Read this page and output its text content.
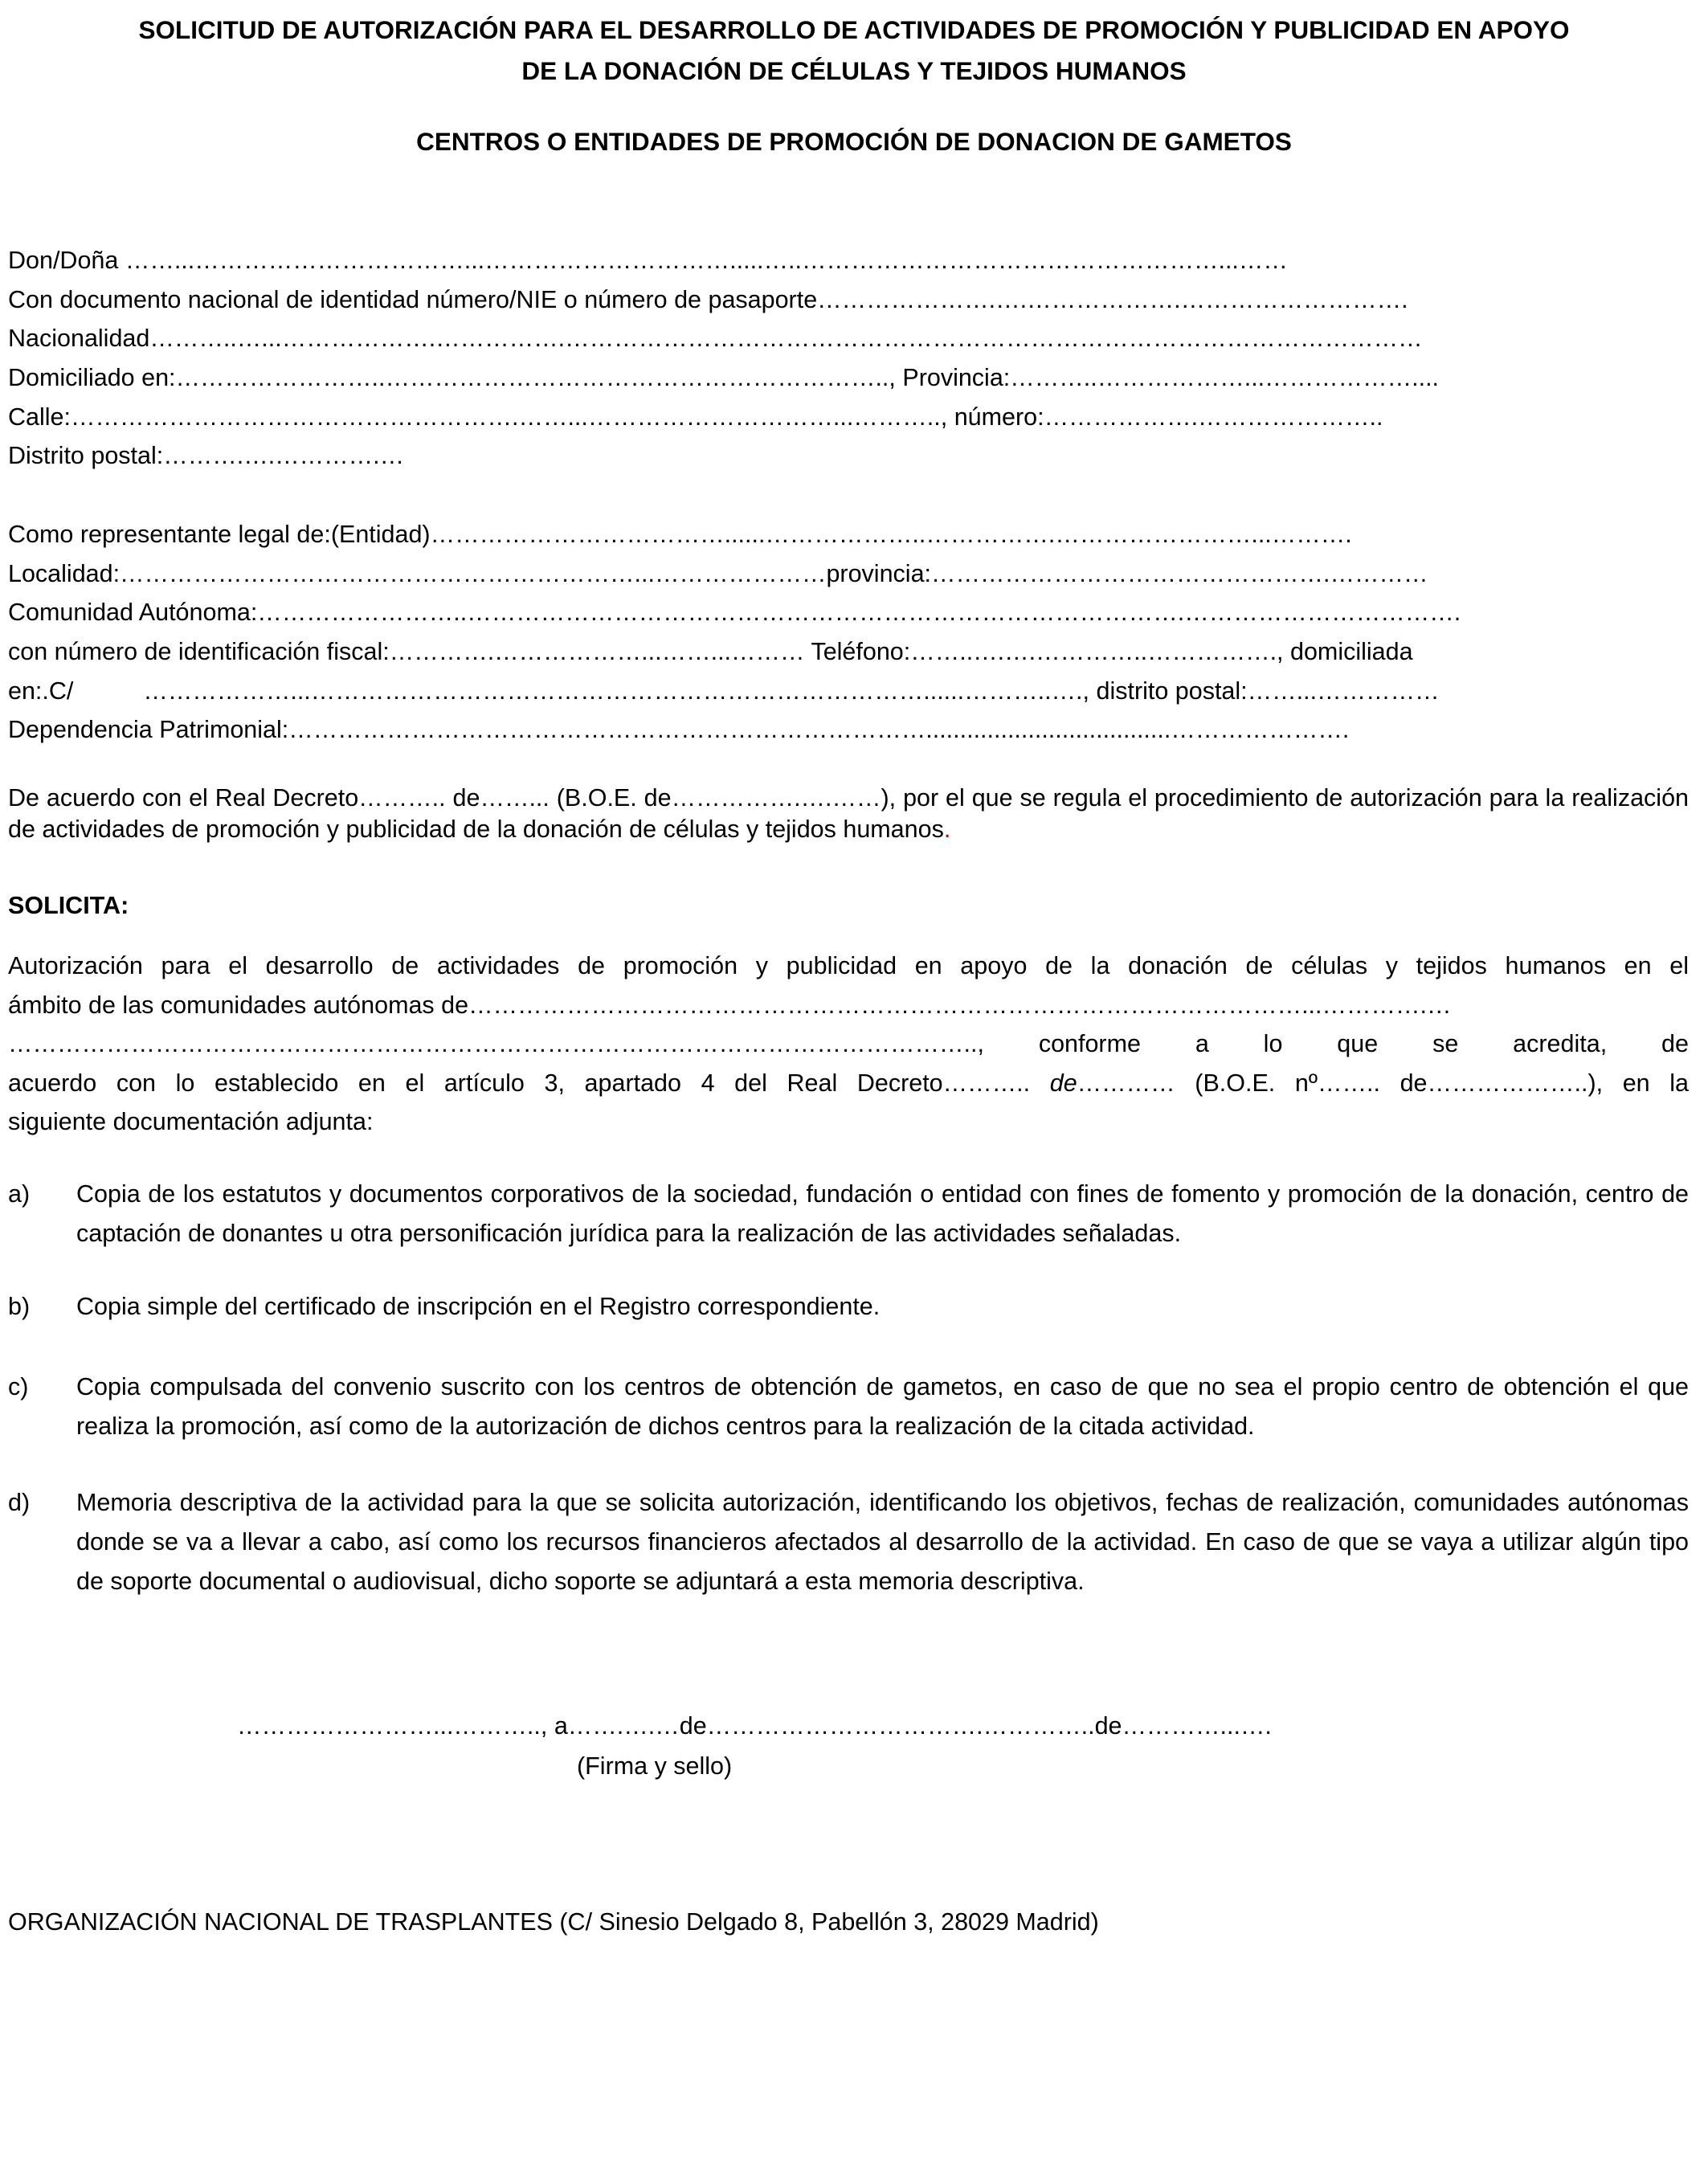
SOLICITUD DE AUTORIZACIÓN PARA EL DESARROLLO DE ACTIVIDADES DE PROMOCIÓN Y PUBLICIDAD EN APOYO
DE LA DONACIÓN DE CÉLULAS Y TEJIDOS HUMANOS
CENTROS O ENTIDADES DE PROMOCIÓN DE DONACION DE GAMETOS
Don/Doña ……...……………………………...………………………….....…..……………………………………………...……
Con documento nacional de identidad número/NIE o número de pasaporte………………….….……………….……………………….
Nacionalidad………..…...……………….…………….……………………………………………………………………………………………
Domiciliado en:……………………..…………………………………………………….., Provincia:………..………………...………………....
Calle:……………………………………………….……...…………………………...……….., número:……………….…………………..
Distrito postal:……….….………….…
Como representante legal de:(Entidad)………………………………......………………..…………….……………………...……….
Localidad:………………………………………………………...…………………provincia:………………………………………….…………
Comunidad Autónoma:……………………..…………………………………………………………………………….…………………………….
con número de identificación fiscal:………….………………...……...……… Teléfono:……..….….…………..……………., domiciliada
en:.C/	………………...…………………………………………………………………......………..…., distrito postal:……...……………
Dependencia Patrimonial:……………………………………………………………………....................................………………….
De acuerdo con el Real Decreto……….. de……... (B.O.E. de…………….….……), por el que se regula el procedimiento de autorización para la realización de actividades de promoción y publicidad de la donación de células y tejidos humanos.
SOLICITA:
Autorización para el desarrollo de actividades de promoción y publicidad en apoyo de la donación de células y tejidos humanos en el
ámbito de las comunidades autónomas de…………………………………………………………………………………………...………….…
……………………………………………………………………………………………………….., conforme a lo que se acredita, de
acuerdo con lo establecido en el artículo 3, apartado 4 del Real Decreto……….. de………… (B.O.E. nº…….. de………………..), en la
siguiente documentación adjunta:
a) Copia de los estatutos y documentos corporativos de la sociedad, fundación o entidad con fines de fomento y promoción de la donación, centro de captación de donantes u otra personificación jurídica para la realización de las actividades señaladas.
b) Copia simple del certificado de inscripción en el Registro correspondiente.
c) Copia compulsada del convenio suscrito con los centros de obtención de gametos, en caso de que no sea el propio centro de obtención el que realiza la promoción, así como de la autorización de dichos centros para la realización de la citada actividad.
d) Memoria descriptiva de la actividad para la que se solicita autorización, identificando los objetivos, fechas de realización, comunidades autónomas donde se va a llevar a cabo, así como los recursos financieros afectados al desarrollo de la actividad. En caso de que se vaya a utilizar algún tipo de soporte documental o audiovisual, dicho soporte se adjuntará a esta memoria descriptiva.
……………………...……….., a…….….…de…………………………….…………..de…………...….
(Firma y sello)
ORGANIZACIÓN NACIONAL DE TRASPLANTES (C/ Sinesio Delgado 8, Pabellón 3, 28029 Madrid)
